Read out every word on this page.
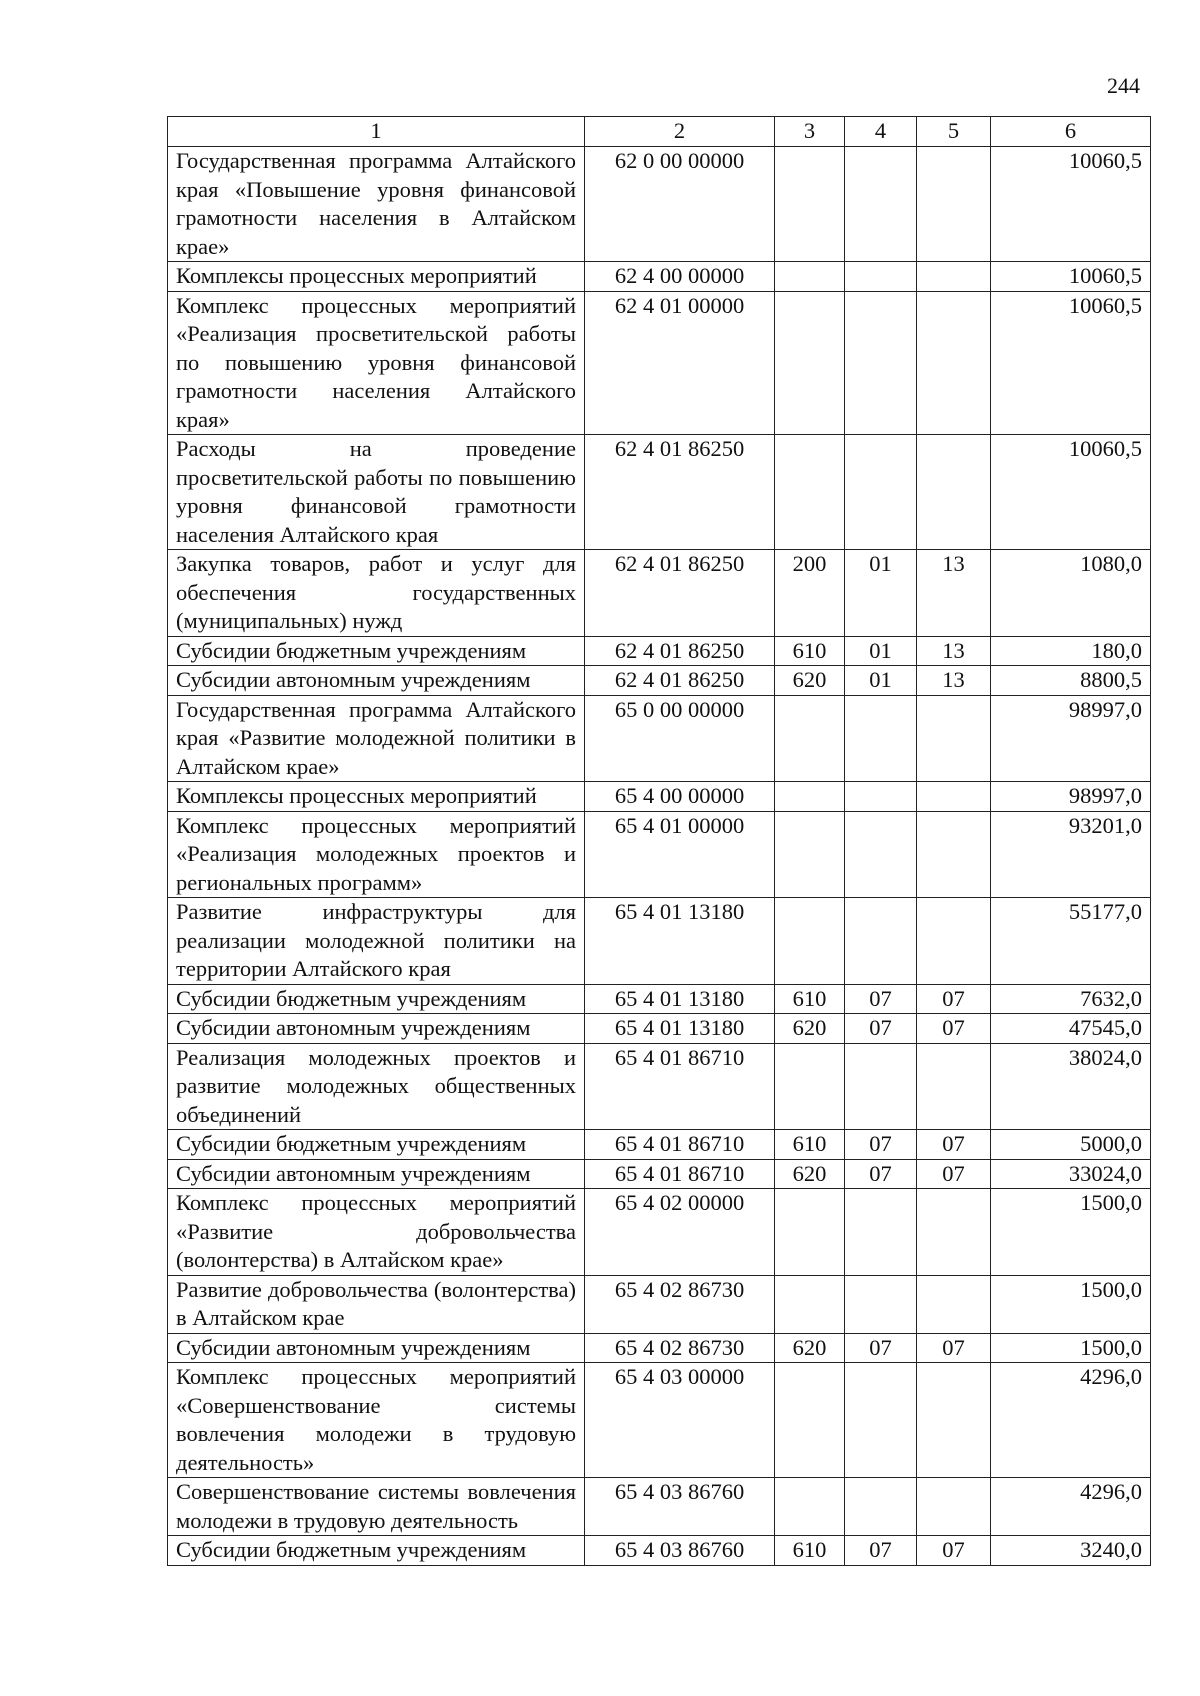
244
1	2	3	4	5	6
Государственная программа Алтайского края «Повышение уровня финансовой грамотности населения в Алтайском крае»	62 0 00 00000				10060,5
Комплексы процессных мероприятий	62 4 00 00000				10060,5
Комплекс процессных мероприятий «Реализация просветительской работы по повышению уровня финансовой грамотности населения Алтайского края»	62 4 01 00000				10060,5
Расходы на проведение просветительской работы по повышению уровня финансовой грамотности населения Алтайского края	62 4 01 86250				10060,5
Закупка товаров, работ и услуг для обеспечения государственных (муниципальных) нужд	62 4 01 86250	200	01	13	1080,0
Субсидии бюджетным учреждениям	62 4 01 86250	610	01	13	180,0
Субсидии автономным учреждениям	62 4 01 86250	620	01	13	8800,5
Государственная программа Алтайского края «Развитие молодежной политики в Алтайском крае»	65 0 00 00000				98997,0
Комплексы процессных мероприятий	65 4 00 00000				98997,0
Комплекс процессных мероприятий «Реализация молодежных проектов и региональных программ»	65 4 01 00000				93201,0
Развитие инфраструктуры для реализации молодежной политики на территории Алтайского края	65 4 01 13180				55177,0
Субсидии бюджетным учреждениям	65 4 01 13180	610	07	07	7632,0
Субсидии автономным учреждениям	65 4 01 13180	620	07	07	47545,0
Реализация молодежных проектов и развитие молодежных общественных объединений	65 4 01 86710				38024,0
Субсидии бюджетным учреждениям	65 4 01 86710	610	07	07	5000,0
Субсидии автономным учреждениям	65 4 01 86710	620	07	07	33024,0
Комплекс процессных мероприятий «Развитие добровольчества (волонтерства) в Алтайском крае»	65 4 02 00000				1500,0
Развитие добровольчества (волонтерства) в Алтайском крае	65 4 02 86730				1500,0
Субсидии автономным учреждениям	65 4 02 86730	620	07	07	1500,0
Комплекс процессных мероприятий «Совершенствование системы вовлечения молодежи в трудовую деятельность»	65 4 03 00000				4296,0
Совершенствование системы вовлечения молодежи в трудовую деятельность	65 4 03 86760				4296,0
Субсидии бюджетным учреждениям	65 4 03 86760	610	07	07	3240,0
